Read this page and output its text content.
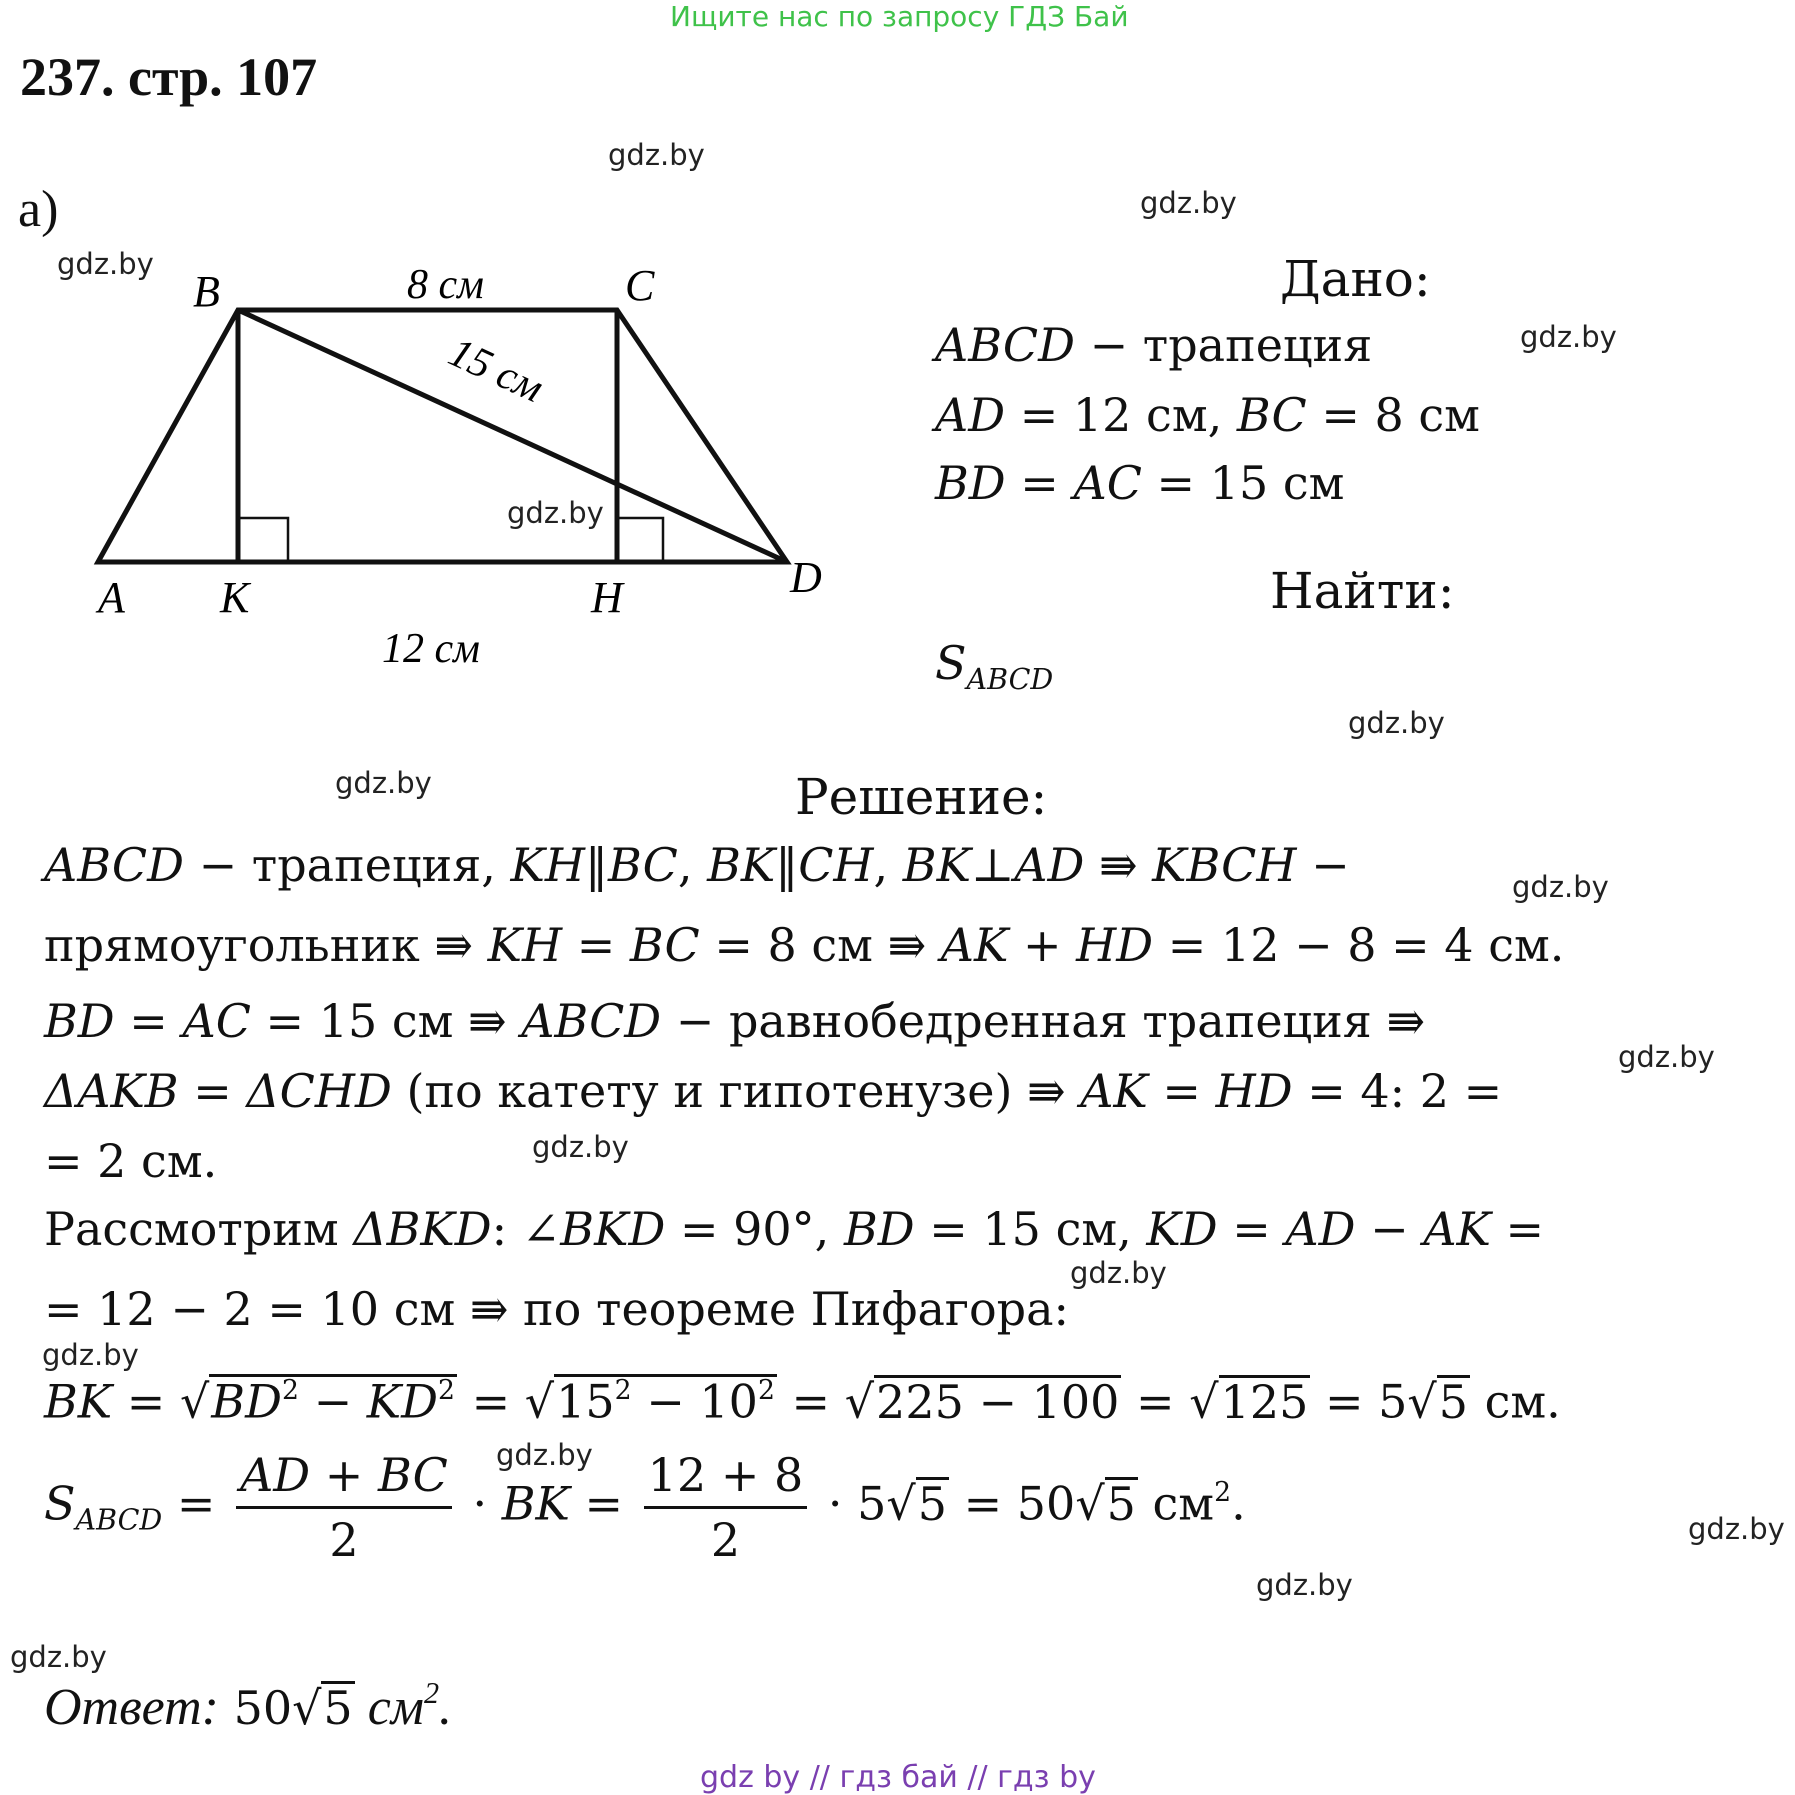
Ищите нас по запросу ГДЗ Бай
237. стр. 107
а)
gdz.by
gdz.by
gdz.by
gdz.by
gdz.by
gdz.by
gdz.by
gdz.by
gdz.by
gdz.by
gdz.by
gdz.by
gdz.by
gdz.by
gdz.by
gdz.by
A
B	C
D
K	H
8 см
15 см
12 см
Дано:
ABCD − трапеция
AD = 12 см, BC = 8 см
BD = AC = 15 см
Найти:
$S_{ABCD}$
Решение:
ABCD − трапеция, KH‖BC, BK‖CH, BK⊥AD ⇛ KBCH −
прямоугольник ⇛ KH = BC = 8 см ⇛ AK + HD = 12 − 8 = 4 см.
BD = AC = 15 см ⇛ ABCD − равнобедренная трапеция ⇛
ΔAKB = ΔCHD (по катету и гипотенузе) ⇛ AK = HD = 4: 2 =
= 2 см.
Рассмотрим ΔBKD: ∠BKD = 90°, BD = 15 см, KD = AD − AK =
= 12 − 2 = 10 см ⇛ по теореме Пифагора:
BK = $√BD^2 - KD^2 = √15^2 - 10^2 = √225 - 100 = √125 = 5√5$ см.
$S_{ABCD} = \frac{AD + BC}{2}$ · BK = $\frac{12 + 8}{2} \cdot 5√5 = 50√5$ $см^2$.
Ответ: 50√5 $см^2$.
gdz by // гдз бай // гдз by
